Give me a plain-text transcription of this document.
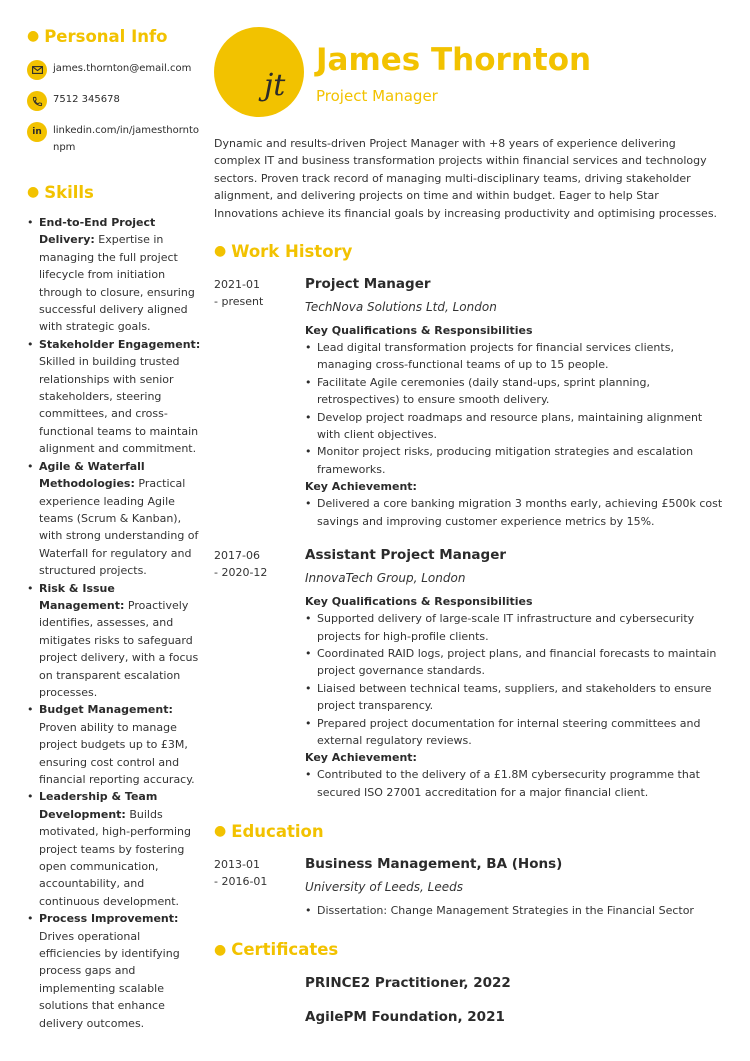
● Personal Info
james.thornton@email.com
7512 345678
in	linkedin.com/in/jamesthornto npm
● Skills
• End-to-End Project Delivery: Expertise in managing the full project lifecycle from initiation through to closure, ensuring successful delivery aligned with strategic goals.
• Stakeholder Engagement: Skilled in building trusted relationships with senior stakeholders, steering committees, and cross-functional teams to maintain alignment and commitment.
• Agile & Waterfall Methodologies: Practical experience leading Agile teams (Scrum & Kanban), with strong understanding of Waterfall for regulatory and structured projects.
• Risk & Issue Management: Proactively identifies, assesses, and mitigates risks to safeguard project delivery, with a focus on transparent escalation processes.
• Budget Management: Proven ability to manage project budgets up to £3M, ensuring cost control and financial reporting accuracy.
• Leadership & Team Development: Builds motivated, high-performing project teams by fostering open communication, accountability, and continuous development.
• Process Improvement: Drives operational efficiencies by identifying process gaps and implementing scalable solutions that enhance delivery outcomes.
jt
James Thornton
Project Manager

Dynamic and results-driven Project Manager with +8 years of experience delivering complex IT and business transformation projects within financial services and technology sectors. Proven track record of managing multi-disciplinary teams, driving stakeholder alignment, and delivering projects on time and within budget. Eager to help Star Innovations achieve its financial goals by increasing productivity and optimising processes.

● Work History
2021-01
- present
Project Manager
TechNova Solutions Ltd, London
Key Qualifications & Responsibilities
• Lead digital transformation projects for financial services clients, managing cross-functional teams of up to 15 people.
• Facilitate Agile ceremonies (daily stand-ups, sprint planning, retrospectives) to ensure smooth delivery.
• Develop project roadmaps and resource plans, maintaining alignment with client objectives.
• Monitor project risks, producing mitigation strategies and escalation frameworks.
Key Achievement:
• Delivered a core banking migration 3 months early, achieving £500k cost savings and improving customer experience metrics by 15%.
2017-06
- 2020-12
Assistant Project Manager
InnovaTech Group, London
Key Qualifications & Responsibilities
• Supported delivery of large-scale IT infrastructure and cybersecurity projects for high-profile clients.
• Coordinated RAID logs, project plans, and financial forecasts to maintain project governance standards.
• Liaised between technical teams, suppliers, and stakeholders to ensure project transparency.
• Prepared project documentation for internal steering committees and external regulatory reviews.
Key Achievement:
• Contributed to the delivery of a £1.8M cybersecurity programme that secured ISO 27001 accreditation for a major financial client.
● Education
2013-01
- 2016-01
Business Management, BA (Hons)
University of Leeds, Leeds
• Dissertation: Change Management Strategies in the Financial Sector
● Certificates
PRINCE2 Practitioner, 2022
AgilePM Foundation, 2021
